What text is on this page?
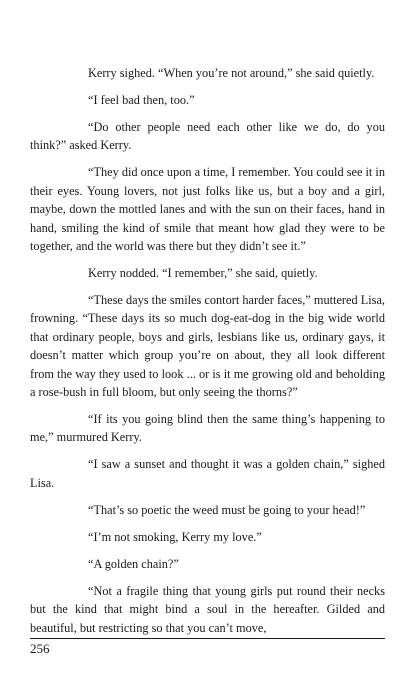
Kerry sighed. “When you’re not around,” she said quietly.

“I feel bad then, too.”

“Do other people need each other like we do, do you think?” asked Kerry.

“They did once upon a time, I remember. You could see it in their eyes. Young lovers, not just folks like us, but a boy and a girl, maybe, down the mottled lanes and with the sun on their faces, hand in hand, smiling the kind of smile that meant how glad they were to be together, and the world was there but they didn’t see it.”

Kerry nodded. “I remember,” she said, quietly.

“These days the smiles contort harder faces,” muttered Lisa, frowning. “These days its so much dog-eat-dog in the big wide world that ordinary people, boys and girls, lesbians like us, ordinary gays, it doesn’t matter which group you’re on about, they all look different from the way they used to look ... or is it me growing old and beholding a rose-bush in full bloom, but only seeing the thorns?”

“If its you going blind then the same thing’s happening to me,” murmured Kerry.

“I saw a sunset and thought it was a golden chain,” sighed Lisa.

“That’s so poetic the weed must be going to your head!”

“I’m not smoking, Kerry my love.”

“A golden chain?”

“Not a fragile thing that young girls put round their necks but the kind that might bind a soul in the hereafter. Gilded and beautiful, but restricting so that you can’t move,

256
